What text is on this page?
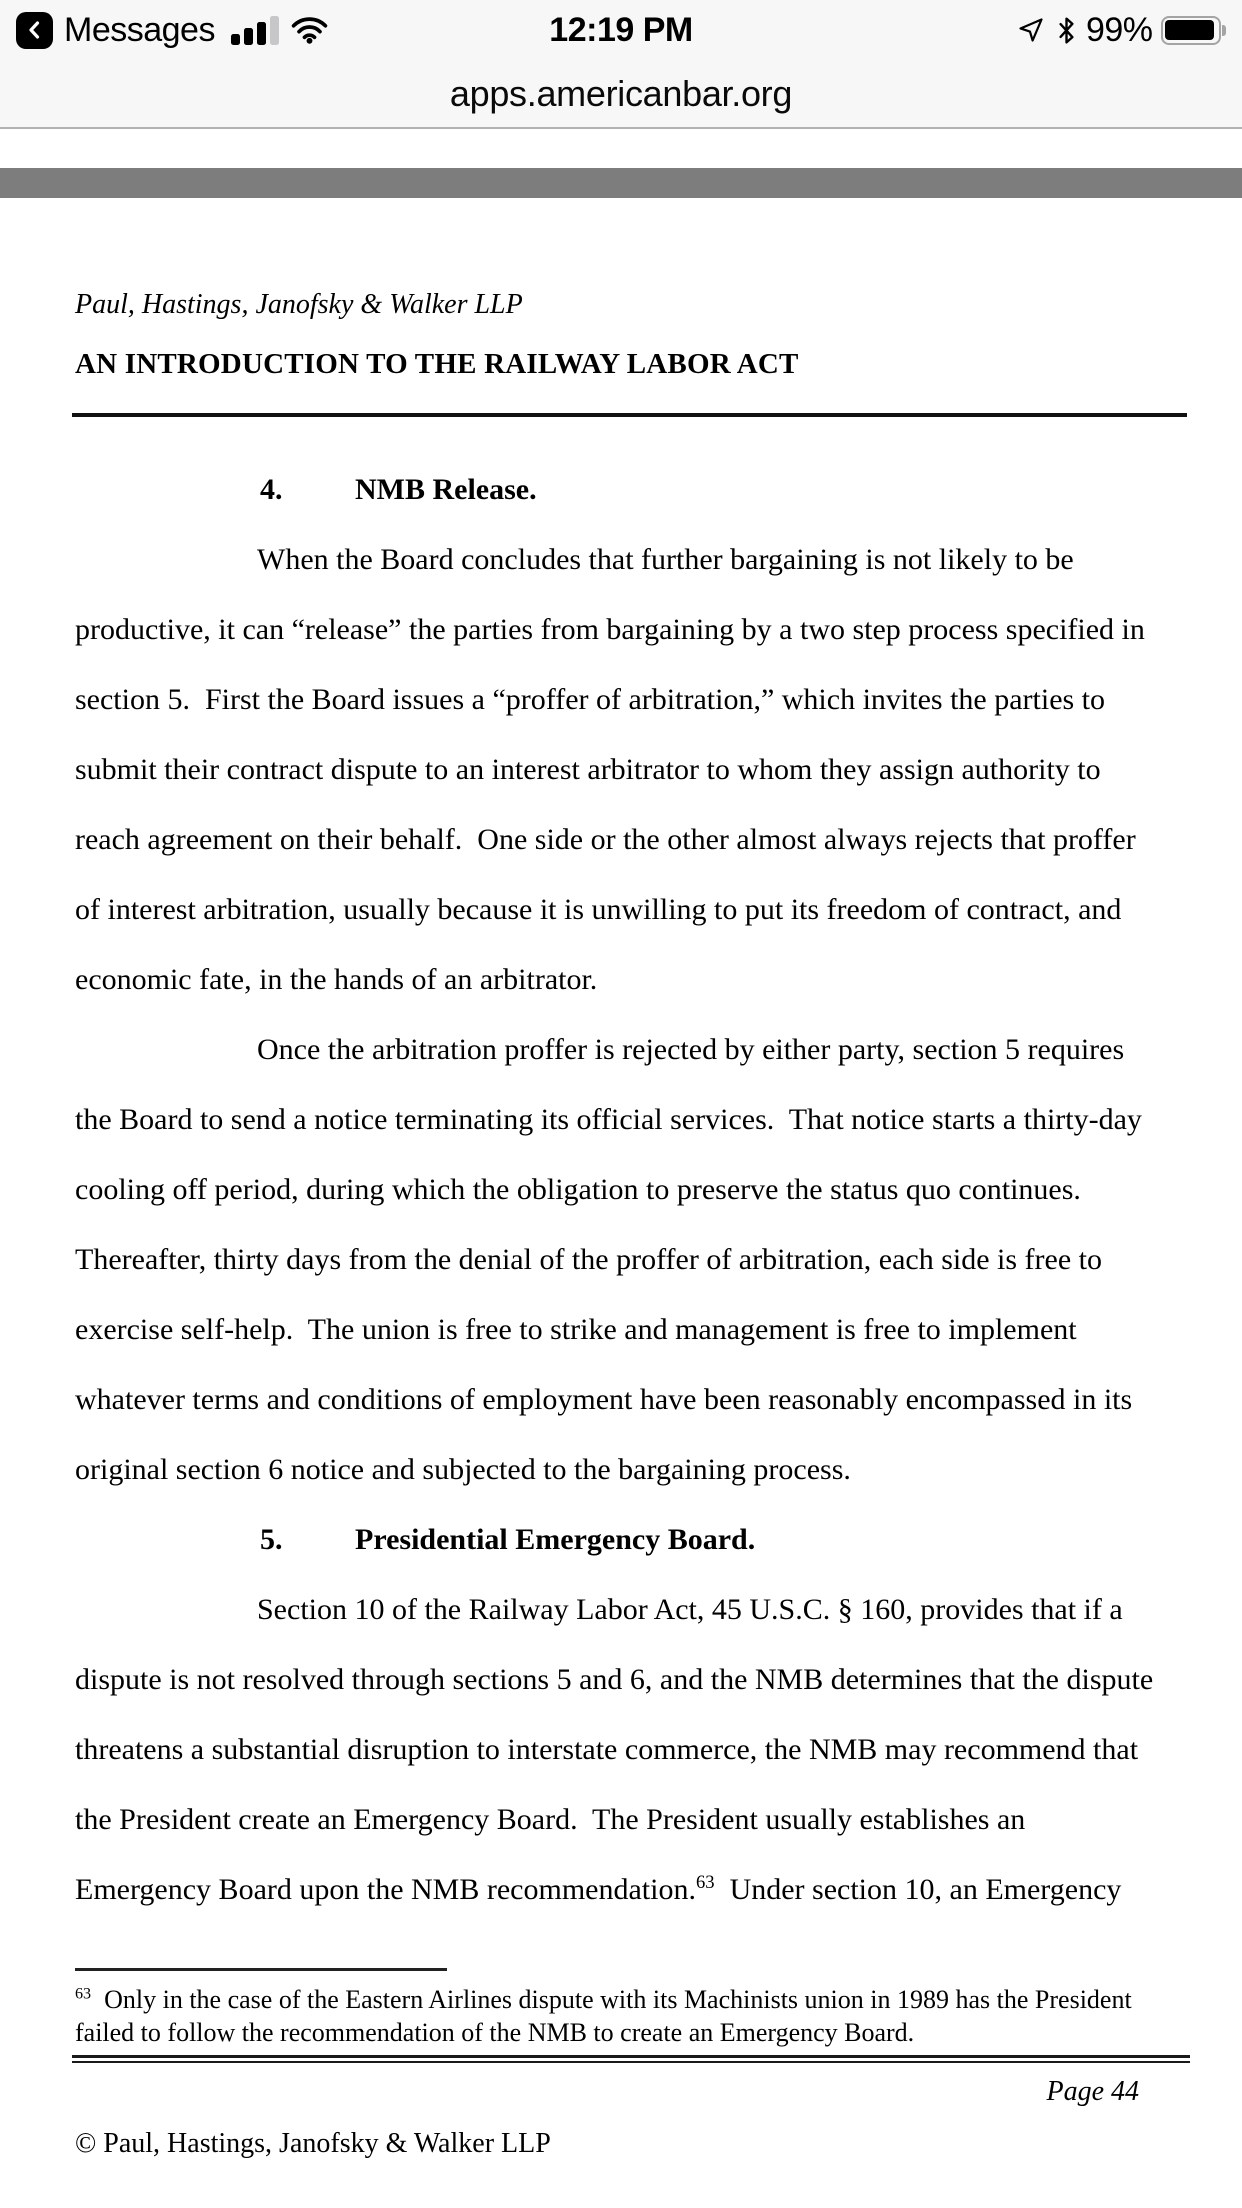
Messages	12:19 PM	99%
apps.americanbar.org
Paul, Hastings, Janofsky & Walker LLP
AN INTRODUCTION TO THE RAILWAY LABOR ACT
4. NMB Release.
When the Board concludes that further bargaining is not likely to be
productive, it can “release” the parties from bargaining by a two step process specified in
section 5.  First the Board issues a “proffer of arbitration,” which invites the parties to
submit their contract dispute to an interest arbitrator to whom they assign authority to
reach agreement on their behalf.  One side or the other almost always rejects that proffer
of interest arbitration, usually because it is unwilling to put its freedom of contract, and
economic fate, in the hands of an arbitrator.
Once the arbitration proffer is rejected by either party, section 5 requires
the Board to send a notice terminating its official services.  That notice starts a thirty-day
cooling off period, during which the obligation to preserve the status quo continues.
Thereafter, thirty days from the denial of the proffer of arbitration, each side is free to
exercise self-help.  The union is free to strike and management is free to implement
whatever terms and conditions of employment have been reasonably encompassed in its
original section 6 notice and subjected to the bargaining process.
5. Presidential Emergency Board.
Section 10 of the Railway Labor Act, 45 U.S.C. § 160, provides that if a
dispute is not resolved through sections 5 and 6, and the NMB determines that the dispute
threatens a substantial disruption to interstate commerce, the NMB may recommend that
the President create an Emergency Board.  The President usually establishes an
Emergency Board upon the NMB recommendation.$^{63}$  Under section 10, an Emergency
$^{63}$  Only in the case of the Eastern Airlines dispute with its Machinists union in 1989 has the President
failed to follow the recommendation of the NMB to create an Emergency Board.
Page 44
© Paul, Hastings, Janofsky & Walker LLP
